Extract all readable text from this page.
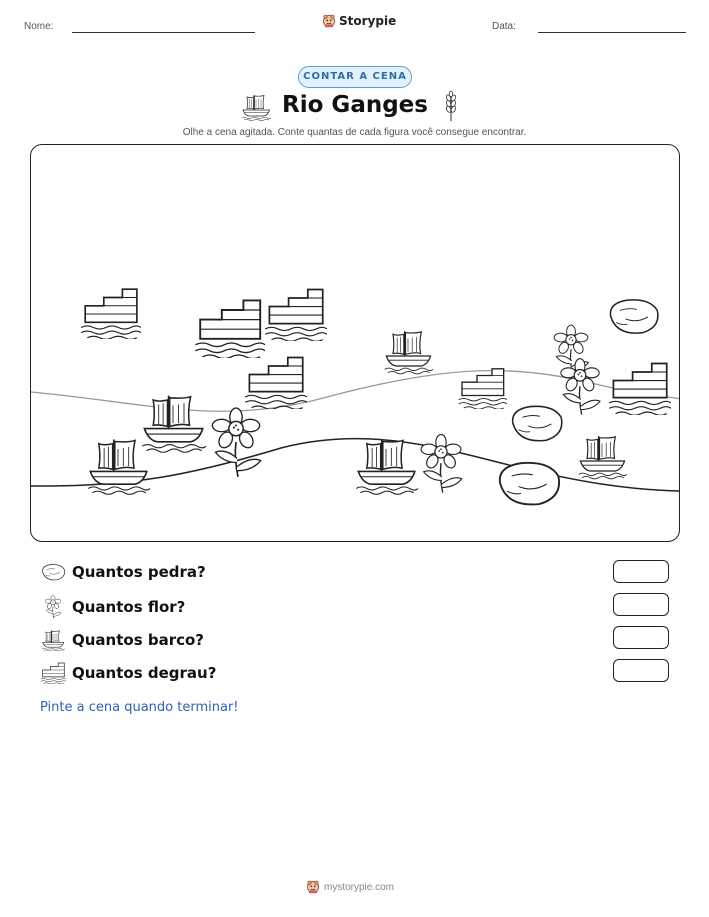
Nome:	Storypie	Data:
CONTAR A CENA
Rio Ganges
Olhe a cena agitada. Conte quantas de cada figura você consegue encontrar.
Quantos pedra?
Quantos flor?
Quantos barco?
Quantos degrau?
Pinte a cena quando terminar!
mystorypie.com
